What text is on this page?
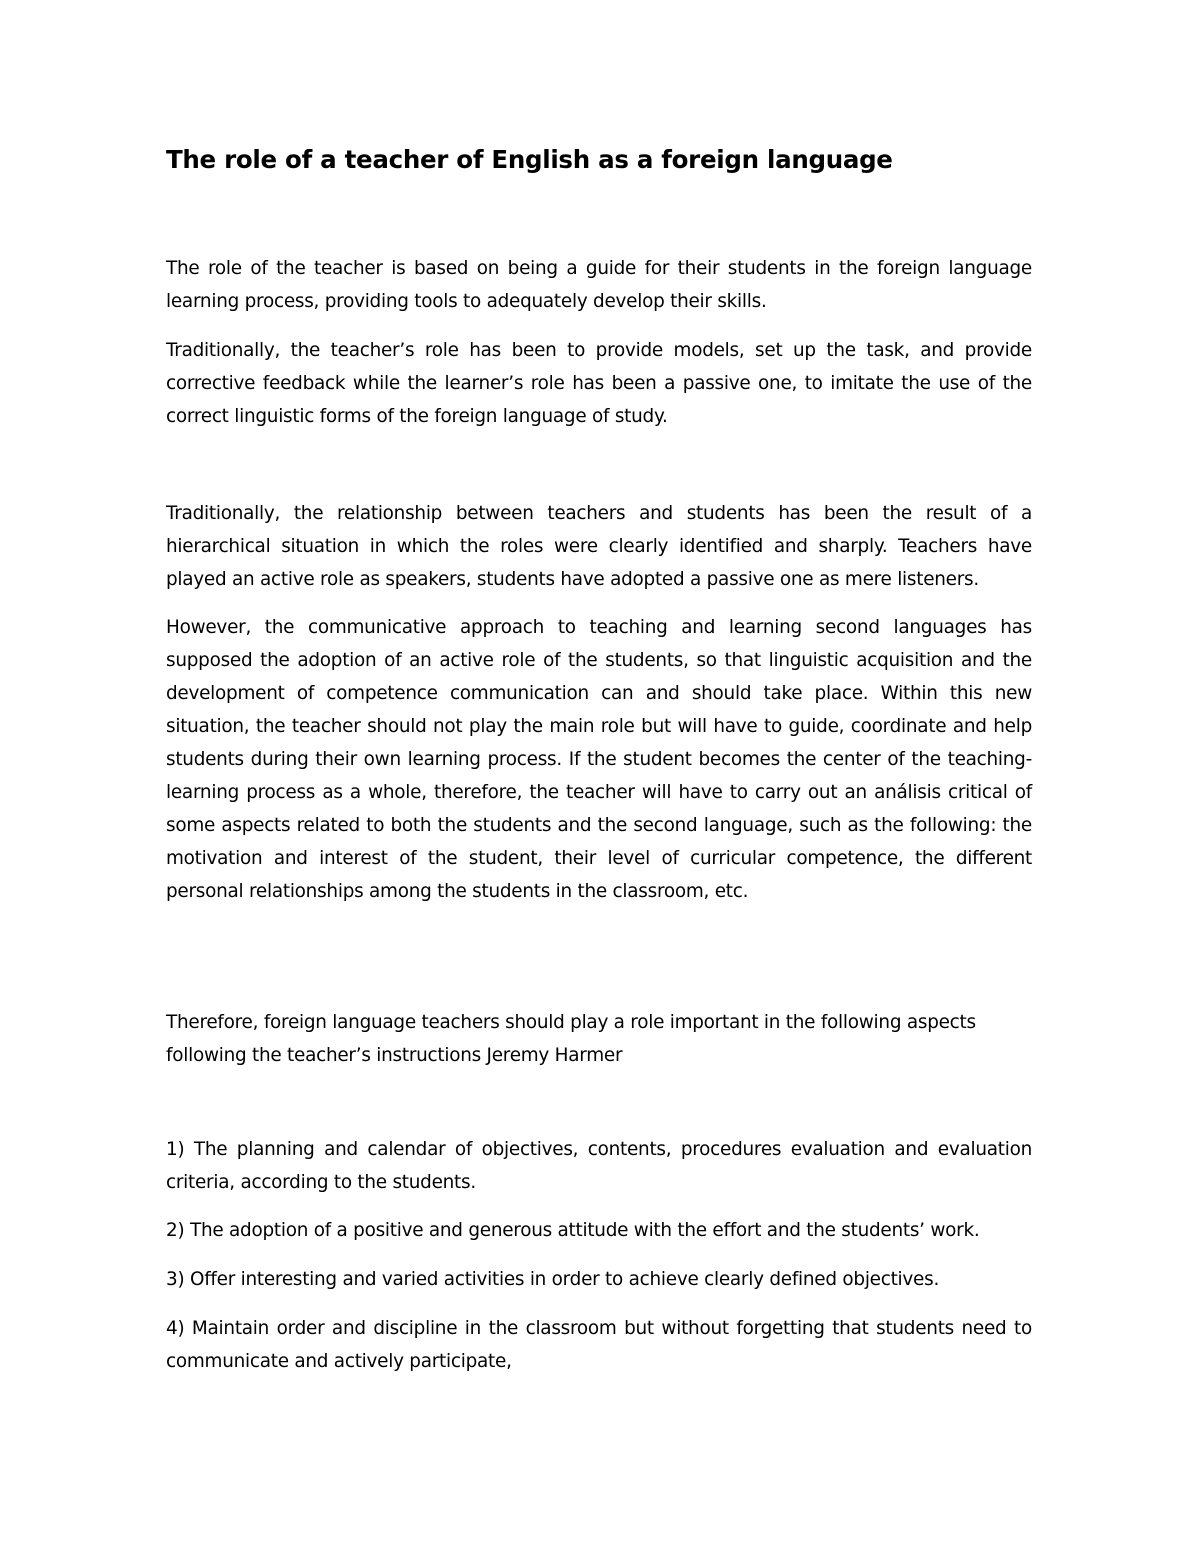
The role of a teacher of English as a foreign language

The role of the teacher is based on being a guide for their students in the foreign language learning process, providing tools to adequately develop their skills.

Traditionally, the teacher’s role has been to provide models, set up the task, and provide corrective feedback while the learner’s role has been a passive one, to imitate the use of the correct linguistic forms of the foreign language of study.

Traditionally, the relationship between teachers and students has been the result of a hierarchical situation in which the roles were clearly identified and sharply. Teachers have played an active role as speakers, students have adopted a passive one as mere listeners.

However, the communicative approach to teaching and learning second languages has supposed the adoption of an active role of the students, so that linguistic acquisition and the development of competence communication can and should take place. Within this new situation, the teacher should not play the main role but will have to guide, coordinate and help students during their own learning process. If the student becomes the center of the teaching-learning process as a whole, therefore, the teacher will have to carry out an análisis critical of some aspects related to both the students and the second language, such as the following: the motivation and interest of the student, their level of curricular competence, the different personal relationships among the students in the classroom, etc.

Therefore, foreign language teachers should play a role important in the following aspects following the teacher’s instructions Jeremy Harmer

1) The planning and calendar of objectives, contents, procedures evaluation and evaluation criteria, according to the students.

2) The adoption of a positive and generous attitude with the effort and the students’ work.

3) Offer interesting and varied activities in order to achieve clearly defined objectives.

4) Maintain order and discipline in the classroom but without forgetting that students need to communicate and actively participate,
